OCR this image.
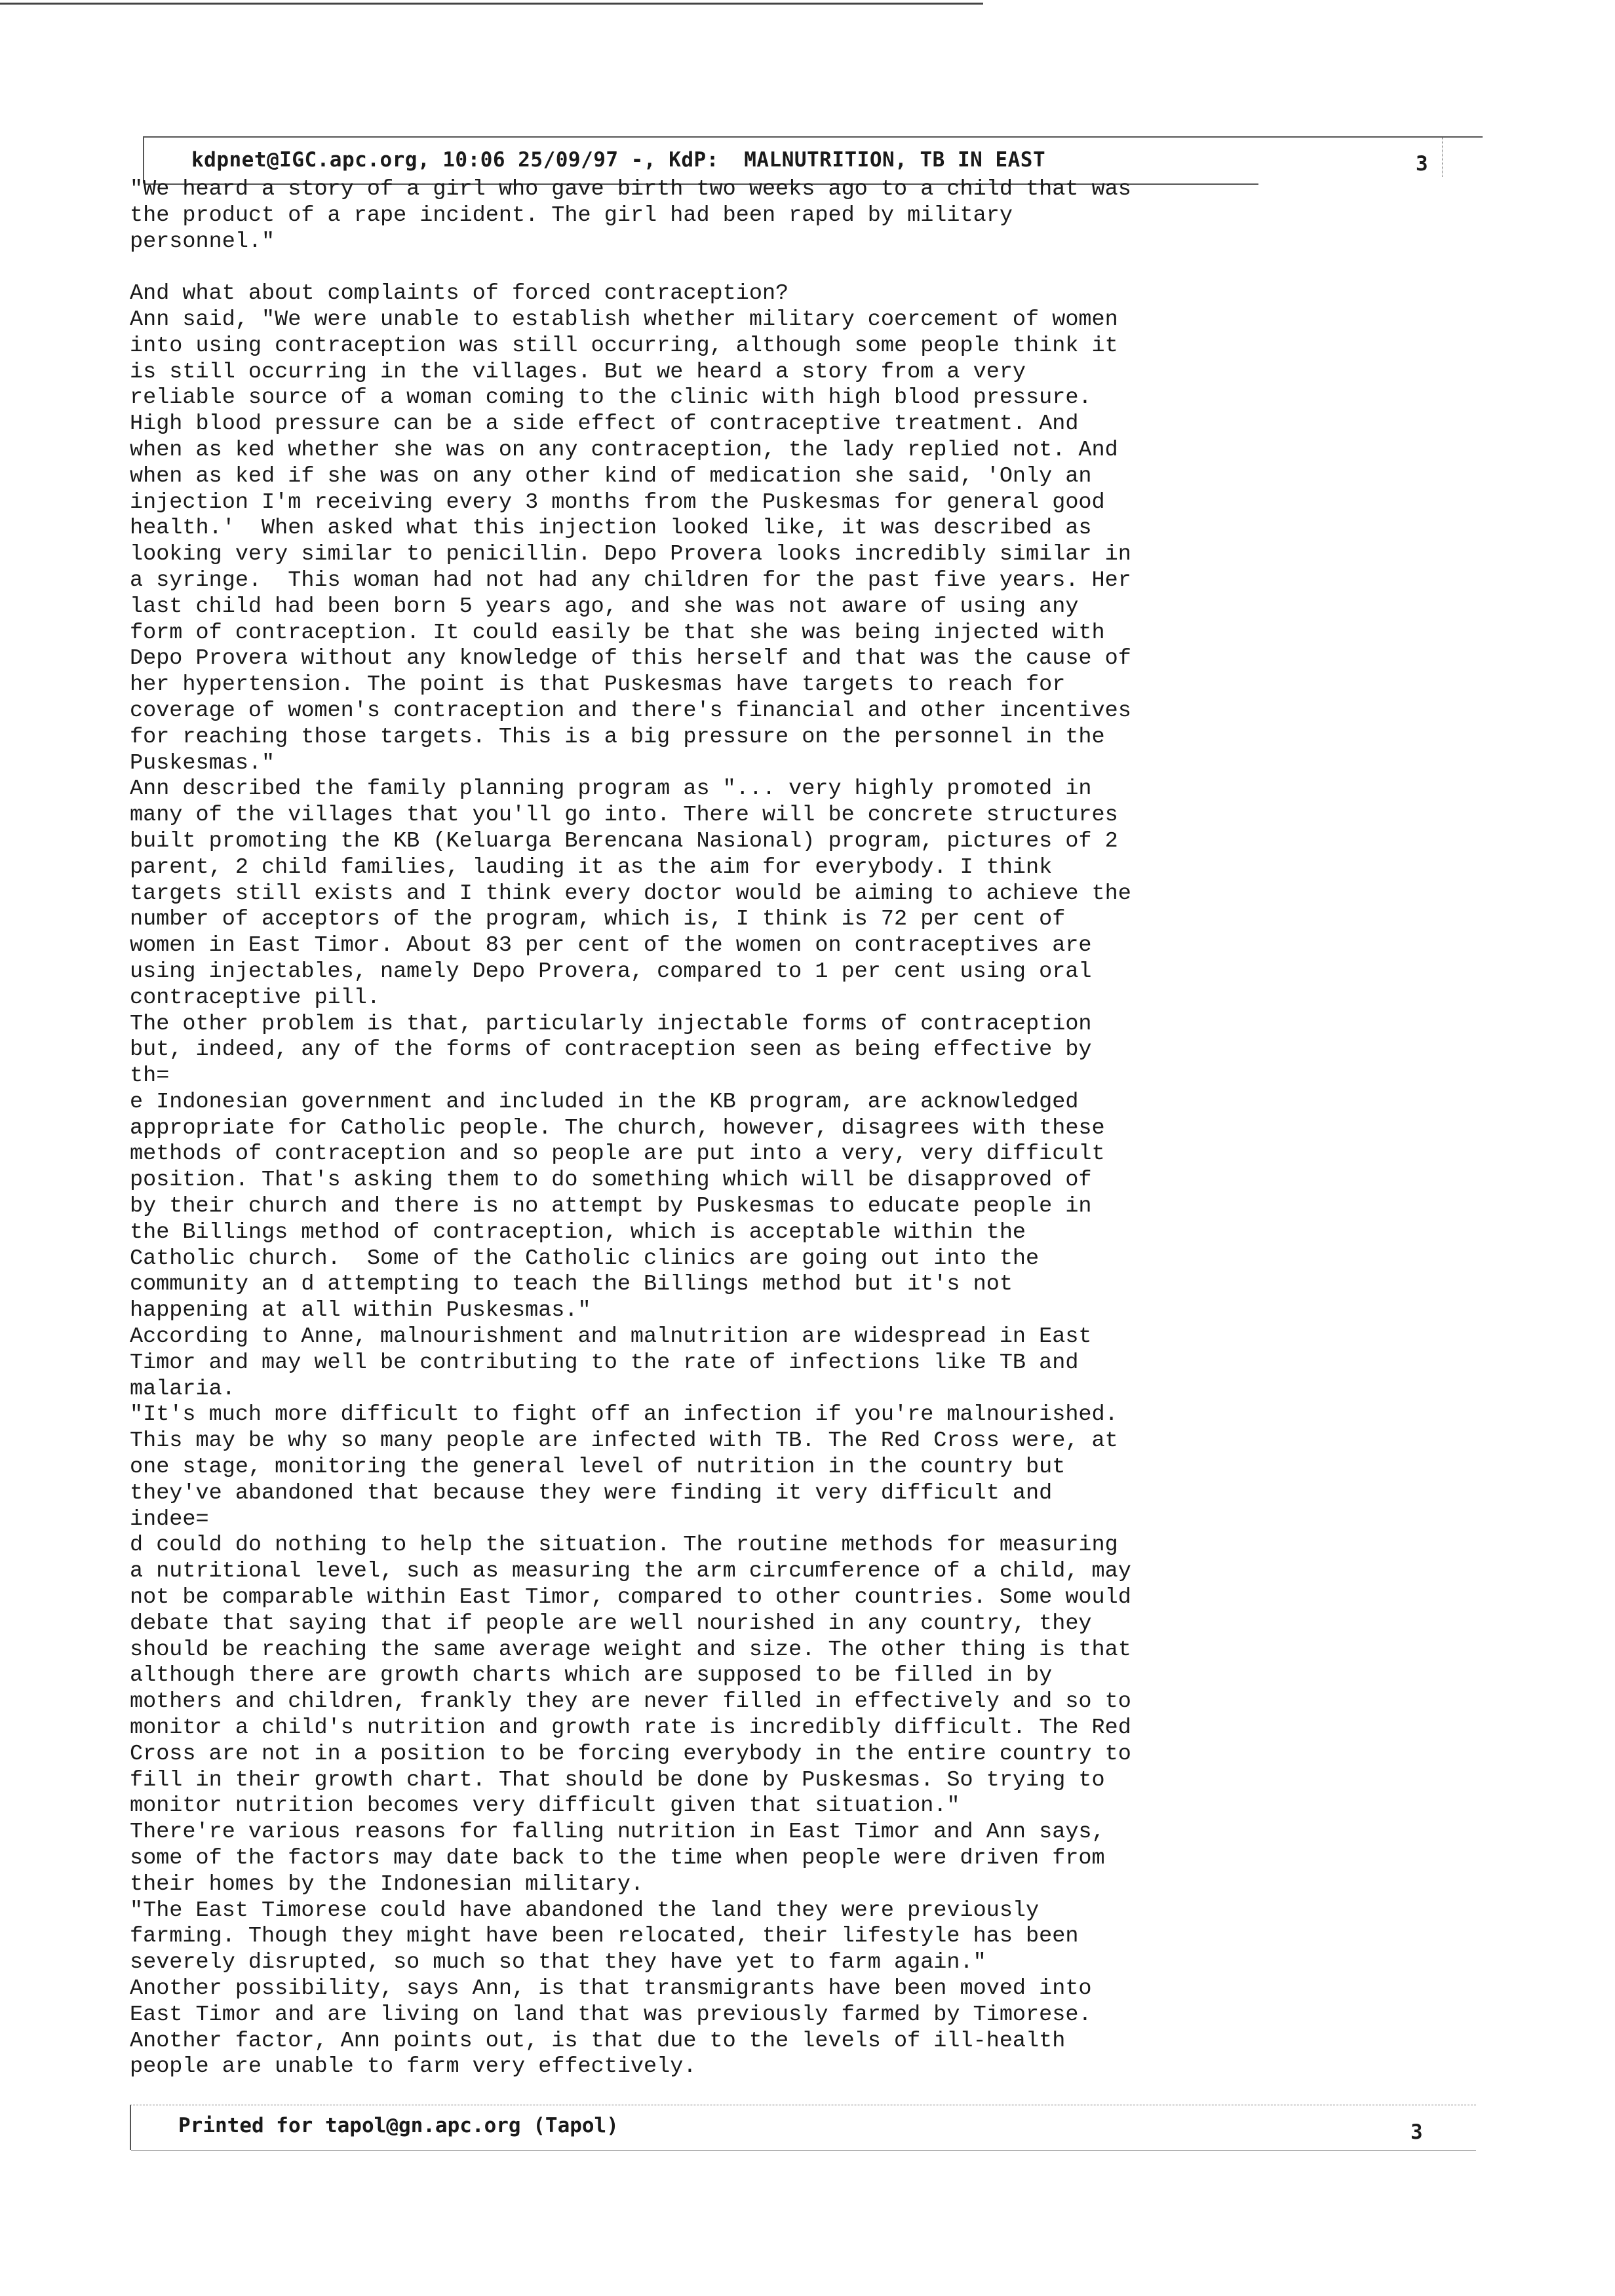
kdpnet@IGC.apc.org, 10:06 25/09/97 -, KdP:  MALNUTRITION, TB IN EAST	3
"We heard a story of a girl who gave birth two weeks ago to a child that was
the product of a rape incident. The girl had been raped by military
personnel."

And what about complaints of forced contraception?
Ann said, "We were unable to establish whether military coercement of women
into using contraception was still occurring, although some people think it
is still occurring in the villages. But we heard a story from a very
reliable source of a woman coming to the clinic with high blood pressure.
High blood pressure can be a side effect of contraceptive treatment. And
when as ked whether she was on any contraception, the lady replied not. And
when as ked if she was on any other kind of medication she said, 'Only an
injection I'm receiving every 3 months from the Puskesmas for general good
health.'  When asked what this injection looked like, it was described as
looking very similar to penicillin. Depo Provera looks incredibly similar in
a syringe.  This woman had not had any children for the past five years. Her
last child had been born 5 years ago, and she was not aware of using any
form of contraception. It could easily be that she was being injected with
Depo Provera without any knowledge of this herself and that was the cause of
her hypertension. The point is that Puskesmas have targets to reach for
coverage of women's contraception and there's financial and other incentives
for reaching those targets. This is a big pressure on the personnel in the
Puskesmas."
Ann described the family planning program as "... very highly promoted in
many of the villages that you'll go into. There will be concrete structures
built promoting the KB (Keluarga Berencana Nasional) program, pictures of 2
parent, 2 child families, lauding it as the aim for everybody. I think
targets still exists and I think every doctor would be aiming to achieve the
number of acceptors of the program, which is, I think is 72 per cent of
women in East Timor. About 83 per cent of the women on contraceptives are
using injectables, namely Depo Provera, compared to 1 per cent using oral
contraceptive pill.
The other problem is that, particularly injectable forms of contraception
but, indeed, any of the forms of contraception seen as being effective by
th=
e Indonesian government and included in the KB program, are acknowledged
appropriate for Catholic people. The church, however, disagrees with these
methods of contraception and so people are put into a very, very difficult
position. That's asking them to do something which will be disapproved of
by their church and there is no attempt by Puskesmas to educate people in
the Billings method of contraception, which is acceptable within the
Catholic church.  Some of the Catholic clinics are going out into the
community an d attempting to teach the Billings method but it's not
happening at all within Puskesmas."
According to Anne, malnourishment and malnutrition are widespread in East
Timor and may well be contributing to the rate of infections like TB and
malaria.
"It's much more difficult to fight off an infection if you're malnourished.
This may be why so many people are infected with TB. The Red Cross were, at
one stage, monitoring the general level of nutrition in the country but
they've abandoned that because they were finding it very difficult and
indee=
d could do nothing to help the situation. The routine methods for measuring
a nutritional level, such as measuring the arm circumference of a child, may
not be comparable within East Timor, compared to other countries. Some would
debate that saying that if people are well nourished in any country, they
should be reaching the same average weight and size. The other thing is that
although there are growth charts which are supposed to be filled in by
mothers and children, frankly they are never filled in effectively and so to
monitor a child's nutrition and growth rate is incredibly difficult. The Red
Cross are not in a position to be forcing everybody in the entire country to
fill in their growth chart. That should be done by Puskesmas. So trying to
monitor nutrition becomes very difficult given that situation."
There're various reasons for falling nutrition in East Timor and Ann says,
some of the factors may date back to the time when people were driven from
their homes by the Indonesian military.
"The East Timorese could have abandoned the land they were previously
farming. Though they might have been relocated, their lifestyle has been
severely disrupted, so much so that they have yet to farm again."
Another possibility, says Ann, is that transmigrants have been moved into
East Timor and are living on land that was previously farmed by Timorese.
Another factor, Ann points out, is that due to the levels of ill-health
people are unable to farm very effectively.
Printed for tapol@gn.apc.org (Tapol)	3
